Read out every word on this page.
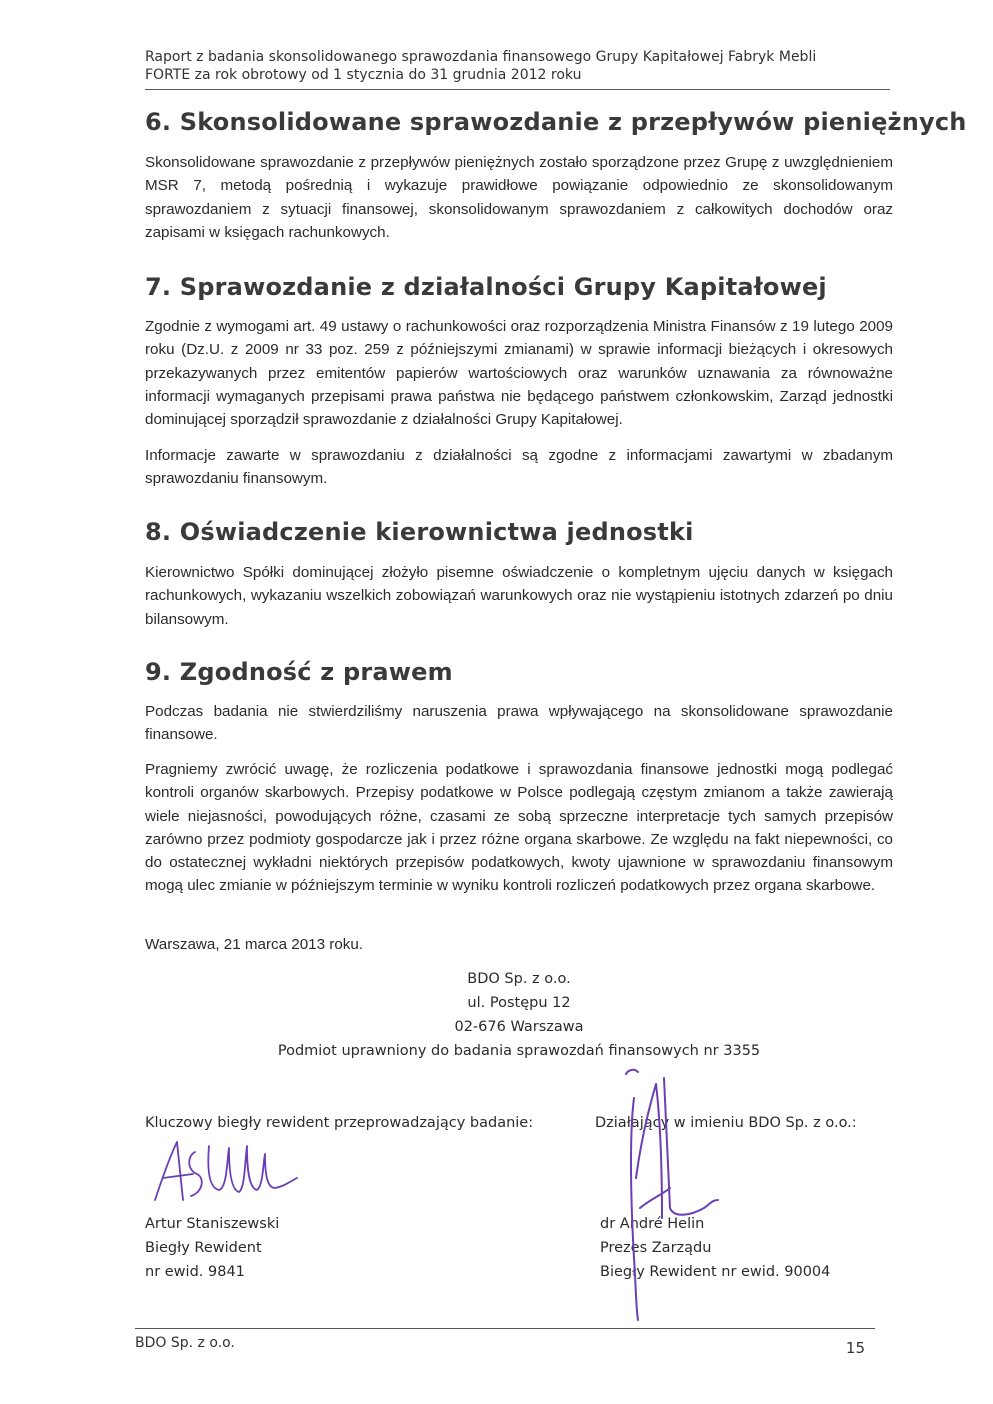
Raport z badania skonsolidowanego sprawozdania finansowego Grupy Kapitałowej Fabryk Mebli
FORTE za rok obrotowy od 1 stycznia do 31 grudnia 2012 roku
6. Skonsolidowane sprawozdanie z przepływów pieniężnych

Skonsolidowane sprawozdanie z przepływów pieniężnych zostało sporządzone przez Grupę z uwzględnieniem MSR 7, metodą pośrednią i wykazuje prawidłowe powiązanie odpowiednio ze skonsolidowanym sprawozdaniem z sytuacji finansowej, skonsolidowanym sprawozdaniem z całkowitych dochodów oraz zapisami w księgach rachunkowych.

7. Sprawozdanie z działalności Grupy Kapitałowej

Zgodnie z wymogami art. 49 ustawy o rachunkowości oraz rozporządzenia Ministra Finansów z 19 lutego 2009 roku (Dz.U. z 2009 nr 33 poz. 259 z późniejszymi zmianami) w sprawie informacji bieżących i okresowych przekazywanych przez emitentów papierów wartościowych oraz warunków uznawania za równoważne informacji wymaganych przepisami prawa państwa nie będącego państwem członkowskim, Zarząd jednostki dominującej sporządził sprawozdanie z działalności Grupy Kapitałowej.

Informacje zawarte w sprawozdaniu z działalności są zgodne z informacjami zawartymi w zbadanym sprawozdaniu finansowym.

8. Oświadczenie kierownictwa jednostki

Kierownictwo Spółki dominującej złożyło pisemne oświadczenie o kompletnym ujęciu danych w księgach rachunkowych, wykazaniu wszelkich zobowiązań warunkowych oraz nie wystąpieniu istotnych zdarzeń po dniu bilansowym.

9. Zgodność z prawem

Podczas badania nie stwierdziliśmy naruszenia prawa wpływającego na skonsolidowane sprawozdanie finansowe.

Pragniemy zwrócić uwagę, że rozliczenia podatkowe i sprawozdania finansowe jednostki mogą podlegać kontroli organów skarbowych. Przepisy podatkowe w Polsce podlegają częstym zmianom a także zawierają wiele niejasności, powodujących różne, czasami ze sobą sprzeczne interpretacje tych samych przepisów zarówno przez podmioty gospodarcze jak i przez różne organa skarbowe. Ze względu na fakt niepewności, co do ostatecznej wykładni niektórych przepisów podatkowych, kwoty ujawnione w sprawozdaniu finansowym mogą ulec zmianie w późniejszym terminie w wyniku kontroli rozliczeń podatkowych przez organa skarbowe.

Warszawa, 21 marca 2013 roku.

BDO Sp. z o.o.
ul. Postępu 12
02-676 Warszawa
Podmiot uprawniony do badania sprawozdań finansowych nr 3355
Kluczowy biegły rewident przeprowadzający badanie:
Artur Staniszewski
Biegły Rewident
nr ewid. 9841
Działający w imieniu BDO Sp. z o.o.:
dr André Helin
Prezes Zarządu
Biegły Rewident nr ewid. 90004
BDO Sp. z o.o.	15
